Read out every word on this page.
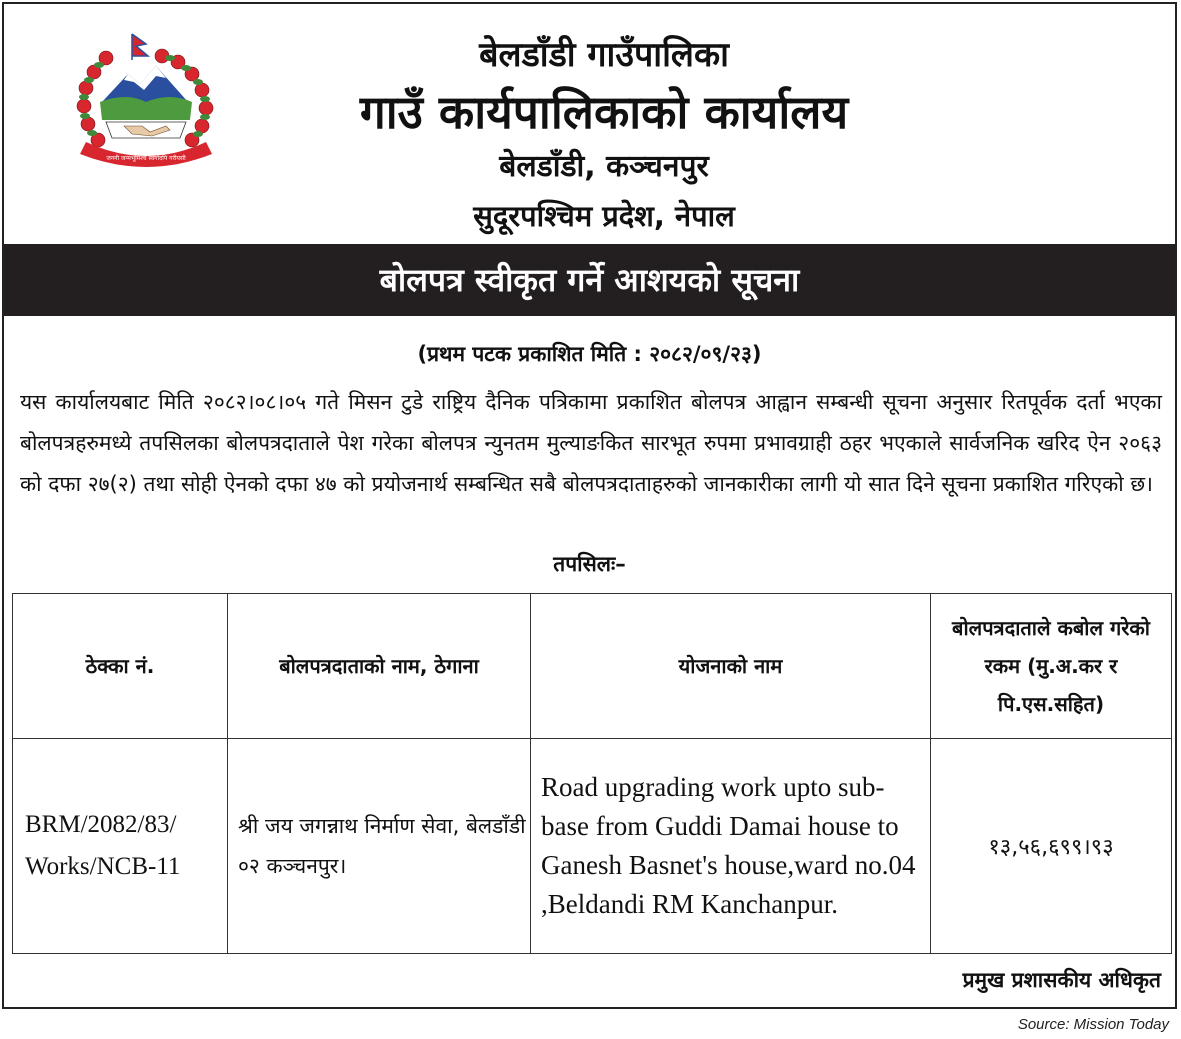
जननी जन्मभूमिश्च स्वर्गादपि गरीयसी
बेलडाँडी गाउँपालिका
गाउँ कार्यपालिकाको कार्यालय
बेलडाँडी, कञ्चनपुर
सुदूरपश्चिम प्रदेश, नेपाल
बोलपत्र स्वीकृत गर्ने आशयको सूचना
(प्रथम पटक प्रकाशित मिति : २०८२/०९/२३)
यस कार्यालयबाट मिति २०८२।०८।०५ गते मिसन टुडे राष्ट्रिय दैनिक पत्रिकामा प्रकाशित बोलपत्र आह्वान सम्बन्धी सूचना अनुसार रितपूर्वक दर्ता भएका बोलपत्रहरुमध्ये तपसिलका बोलपत्रदाताले पेश गरेका बोलपत्र न्युनतम मुल्याङकित सारभूत रुपमा प्रभावग्राही ठहर भएकाले सार्वजनिक खरिद ऐन २०६३ को दफा २७(२) तथा सोही ऐनको दफा ४७ को प्रयोजनार्थ सम्बन्धित सबै बोलपत्रदाताहरुको जानकारीका लागी यो सात दिने सूचना प्रकाशित गरिएको छ।
तपसिलः–
ठेक्का नं.	बोलपत्रदाताको नाम, ठेगाना	योजनाको नाम	बोलपत्रदाताले कबोल गरेको रकम (मु.अ.कर र पि.एस.सहित)
BRM/2082/83/ Works/NCB-11	श्री जय जगन्नाथ निर्माण सेवा, बेलडाँडी ०२ कञ्चनपुर।	Road upgrading work upto sub-base from Guddi Damai house to Ganesh Basnet's house,ward no.04 ,Beldandi RM Kanchanpur.	१३,५६,६९९।९३
प्रमुख प्रशासकीय अधिकृत
Source: Mission Today
